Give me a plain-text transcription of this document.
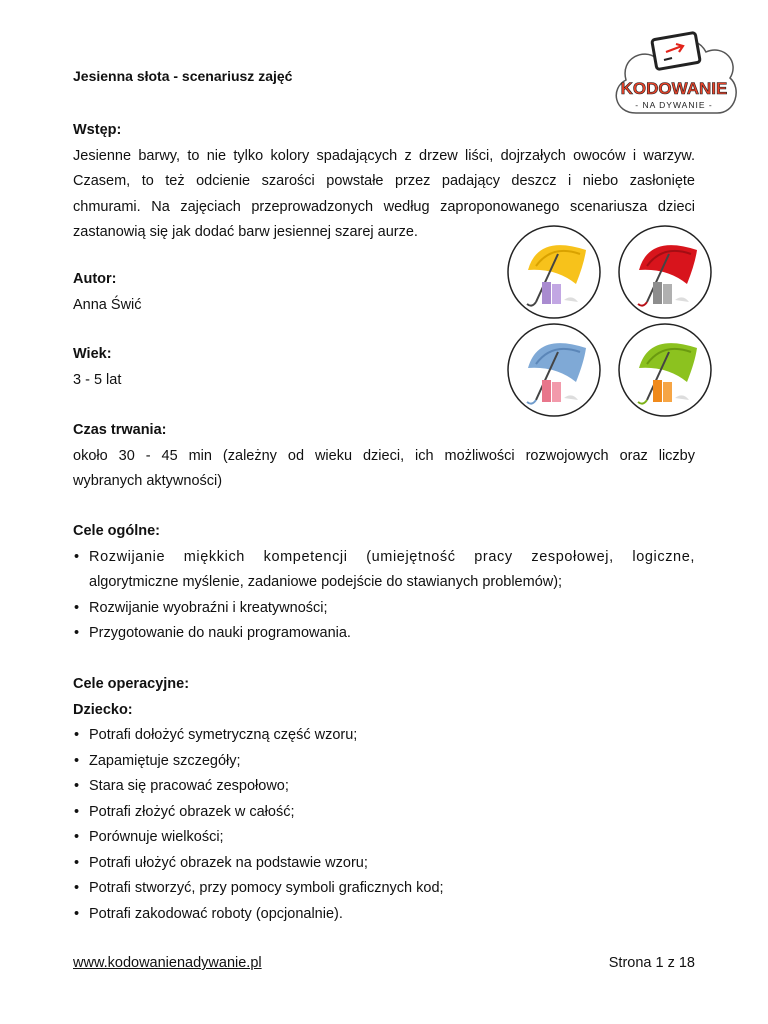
Jesienna słota - scenariusz zajęć
KODOWANIE
- NA DYWANIE -
Wstęp:
Jesienne barwy, to nie tylko kolory spadających z drzew liści, dojrzałych owoców i warzyw.
Czasem, to też odcienie szarości powstałe przez padający deszcz i niebo zasłonięte
chmurami. Na zajęciach przeprowadzonych według zaproponowanego scenariusza dzieci
zastanowią się jak dodać barw jesiennej szarej aurze.
Autor:
Anna Świć
Wiek:
3 - 5 lat
Czas trwania:
około 30 - 45 min (zależny od wieku dzieci, ich możliwości rozwojowych oraz liczby
wybranych aktywności)
Cele ogólne:
• Rozwijanie miękkich kompetencji (umiejętność pracy zespołowej, logiczne,
algorytmiczne myślenie, zadaniowe podejście do stawianych problemów);
• Rozwijanie wyobraźni i kreatywności;
• Przygotowanie do nauki programowania.
Cele operacyjne:
Dziecko:
• Potrafi dołożyć symetryczną część wzoru;
• Zapamiętuje szczegóły;
• Stara się pracować zespołowo;
• Potrafi złożyć obrazek w całość;
• Porównuje wielkości;
• Potrafi ułożyć obrazek na podstawie wzoru;
• Potrafi stworzyć, przy pomocy symboli graficznych kod;
• Potrafi zakodować roboty (opcjonalnie).
www.kodowanienadywanie.pl	Strona 1 z 18
